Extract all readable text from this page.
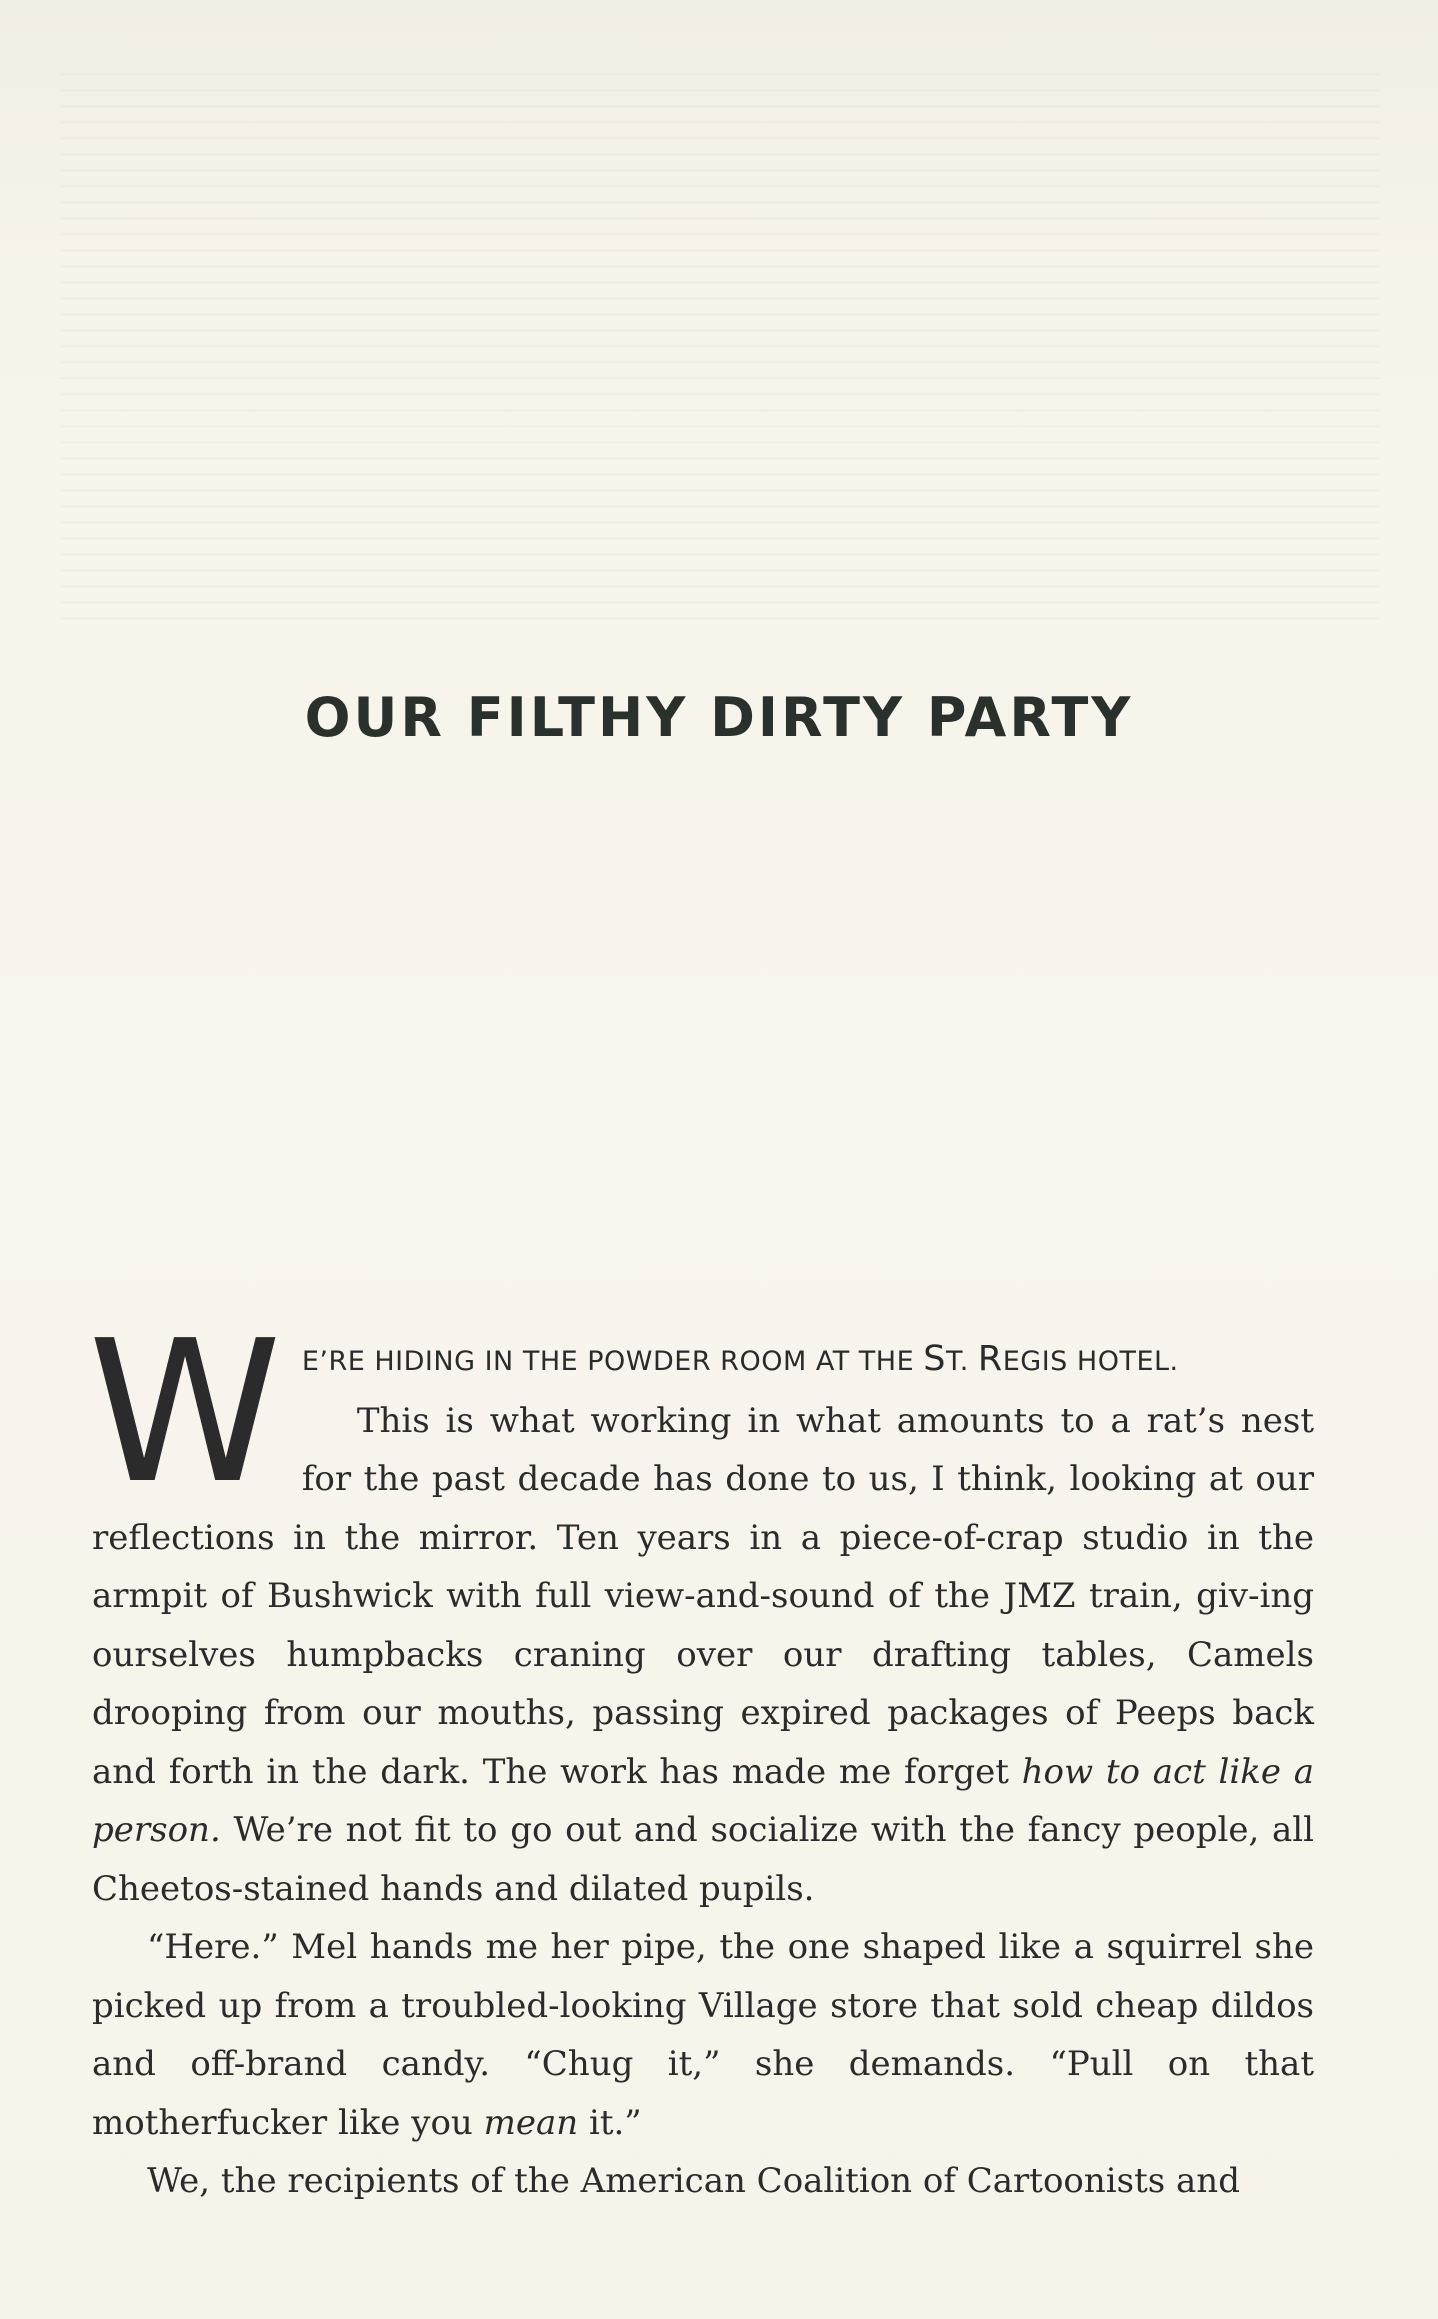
OUR FILTHY DIRTY PARTY
W E’RE HIDING IN THE POWDER ROOM AT THE ST. REGIS HOTEL.

This is what working in what amounts to a rat’s nest for the past decade has done to us, I think, looking at our reflections in the mirror. Ten years in a piece-of-crap studio in the armpit of Bushwick with full view-and-sound of the JMZ train, giv-ing ourselves humpbacks craning over our drafting tables, Camels drooping from our mouths, passing expired packages of Peeps back and forth in the dark. The work has made me forget how to act like a person. We’re not fit to go out and socialize with the fancy people, all Cheetos-stained hands and dilated pupils.

“Here.” Mel hands me her pipe, the one shaped like a squirrel she picked up from a troubled-looking Village store that sold cheap dildos and off-brand candy. “Chug it,” she demands. “Pull on that motherfucker like you mean it.”

We, the recipients of the American Coalition of Cartoonists and
